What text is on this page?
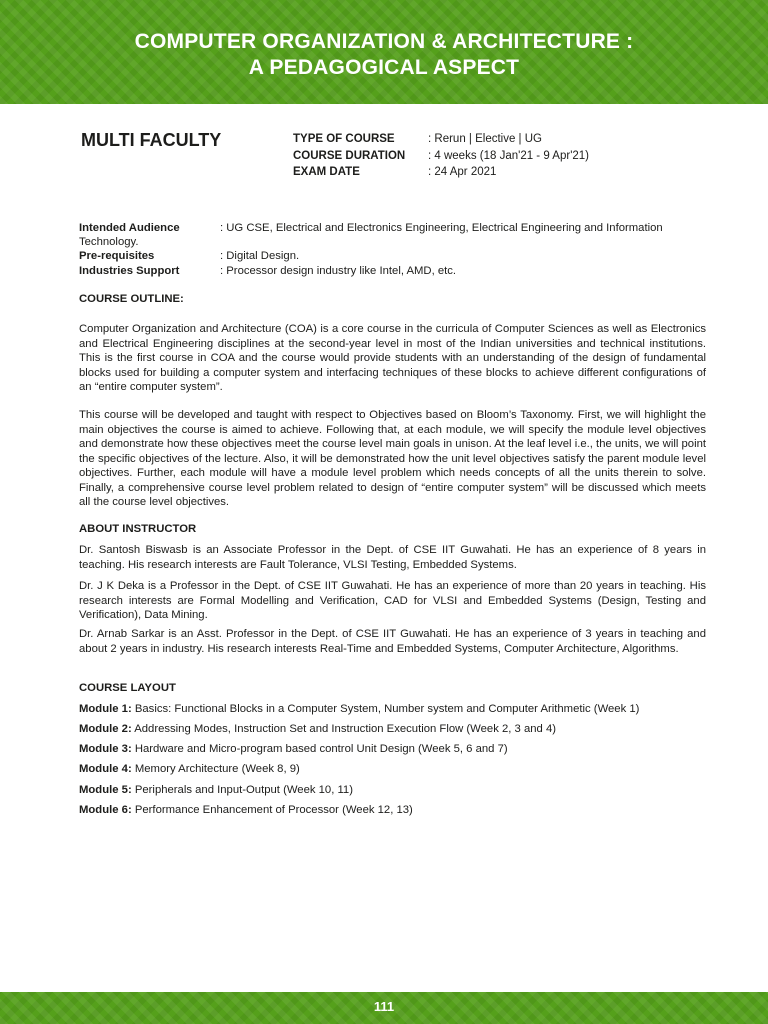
COMPUTER ORGANIZATION & ARCHITECTURE :
A PEDAGOGICAL ASPECT
MULTI FACULTY	TYPE OF COURSE	: Rerun | Elective | UG
COURSE DURATION : 4 weeks (18 Jan'21 - 9 Apr'21)
EXAM DATE	: 24 Apr 2021
Intended Audience	: UG CSE, Electrical and Electronics Engineering, Electrical Engineering and Information
Technology.
Pre-requisites	: Digital Design.
Industries Support	: Processor design industry like Intel, AMD, etc.
COURSE OUTLINE:

Computer Organization and Architecture (COA) is a core course in the curricula of Computer Sciences as well as Electronics and Electrical Engineering disciplines at the second-year level in most of the Indian universities and technical institutions. This is the first course in COA and the course would provide students with an understanding of the design of fundamental blocks used for building a computer system and interfacing techniques of these blocks to achieve different configurations of an “entire computer system”.

This course will be developed and taught with respect to Objectives based on Bloom’s Taxonomy. First, we will highlight the main objectives the course is aimed to achieve. Following that, at each module, we will specify the module level objectives and demonstrate how these objectives meet the course level main goals in unison. At the leaf level i.e., the units, we will point the specific objectives of the lecture. Also, it will be demonstrated how the unit level objectives satisfy the parent module level objectives. Further, each module will have a module level problem which needs concepts of all the units therein to solve. Finally, a comprehensive course level problem related to design of “entire computer system” will be discussed which meets all the course level objectives.

ABOUT INSTRUCTOR

Dr. Santosh Biswasb is an Associate Professor in the Dept. of CSE IIT Guwahati. He has an experience of 8 years in teaching. His research interests are Fault Tolerance, VLSI Testing, Embedded Systems.

Dr. J K Deka is a Professor in the Dept. of CSE IIT Guwahati. He has an experience of more than 20 years in teaching. His research interests are Formal Modelling and Verification, CAD for VLSI and Embedded Systems (Design, Testing and Verification), Data Mining.

Dr. Arnab Sarkar is an Asst. Professor in the Dept. of CSE IIT Guwahati. He has an experience of 3 years in teaching and about 2 years in industry. His research interests Real-Time and Embedded Systems, Computer Architecture, Algorithms.

COURSE LAYOUT
Module 1: Basics: Functional Blocks in a Computer System, Number system and Computer Arithmetic (Week 1)
Module 2: Addressing Modes, Instruction Set and Instruction Execution Flow (Week 2, 3 and 4)
Module 3: Hardware and Micro-program based control Unit Design (Week 5, 6 and 7)
Module 4: Memory Architecture (Week 8, 9)
Module 5: Peripherals and Input-Output (Week 10, 11)
Module 6: Performance Enhancement of Processor (Week 12, 13)
111
